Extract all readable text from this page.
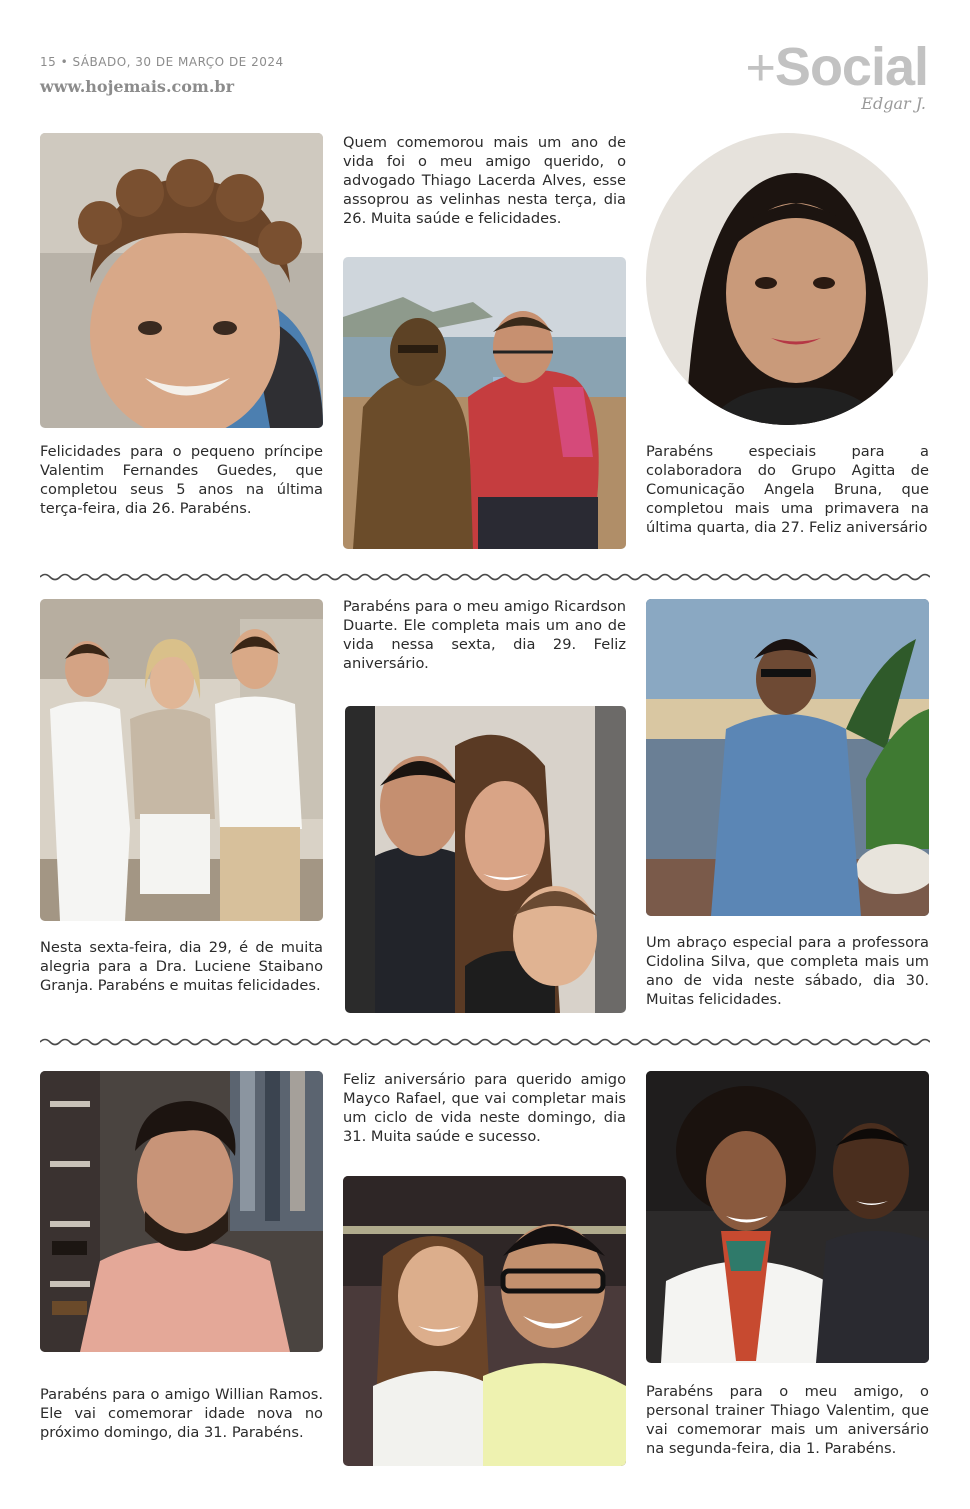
15 • SÁBADO, 30 DE MARÇO DE 2024
www.hojemais.com.br	+Social
Edgar J.

Felicidades para o pequeno príncipe Valentim Fernandes Guedes, que completou seus 5 anos na última terça-feira, dia 26. Parabéns.

Quem comemorou mais um ano de vida foi o meu amigo querido, o advogado Thiago Lacerda Alves, esse assoprou as velinhas nesta terça, dia 26. Muita saúde e felicidades.

Parabéns especiais para a colaboradora do Grupo Agitta de Comunicação Angela Bruna, que completou mais uma primavera na última quarta, dia 27. Feliz aniversário

Nesta sexta-feira, dia 29, é de muita alegria para a Dra. Luciene Staibano Granja. Parabéns e muitas felicidades.

Parabéns para o meu amigo Ricardson Duarte. Ele completa mais um ano de vida nessa sexta, dia 29. Feliz aniversário.

Um abraço especial para a professora Cidolina Silva, que completa mais um ano de vida neste sábado, dia 30. Muitas felicidades.

Parabéns para o amigo Willian Ramos. Ele vai comemorar idade nova no próximo domingo, dia 31. Parabéns.

Feliz aniversário para querido amigo Mayco Rafael, que vai completar mais um ciclo de vida neste domingo, dia 31. Muita saúde e sucesso.

Parabéns para o meu amigo, o personal trainer Thiago Valentim, que vai comemorar mais um aniversário na segunda-feira, dia 1. Parabéns.
